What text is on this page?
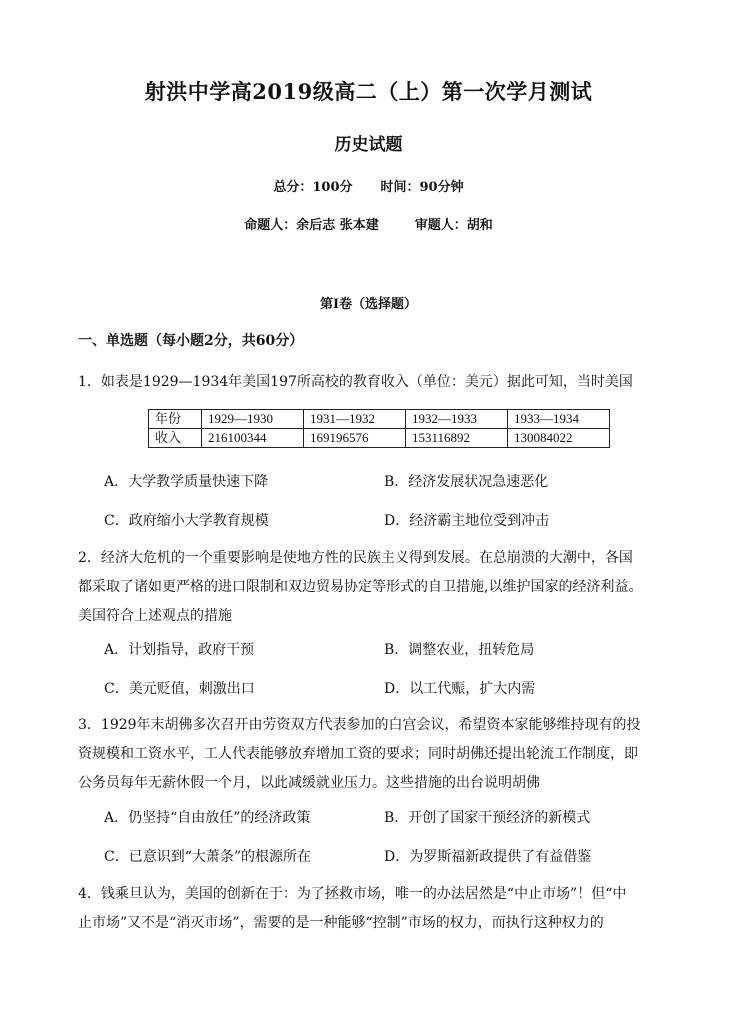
射洪中学高2019级高二（上）第一次学月测试
历史试题
总分：100分 时间：90分钟
命题人：余后志 张本建	审题人：胡和
第Ⅰ卷（选择题）
一、单选题（每小题2分，共60分）
1．如表是1929—1934年美国197所高校的教育收入（单位：美元）据此可知，当时美国
年份	1929—1930	1931—1932	1932—1933	1933—1934
收入	216100344	169196576	153116892	130084022
A．大学教学质量快速下降	B．经济发展状况急速恶化
C．政府缩小大学教育规模	D．经济霸主地位受到冲击
2．经济大危机的一个重要影响是使地方性的民族主义得到发展。在总崩溃的大潮中，各国
都采取了诸如更严格的进口限制和双边贸易协定等形式的自卫措施,以维护国家的经济利益。
美国符合上述观点的措施
A．计划指导，政府干预	B．调整农业，扭转危局
C．美元贬值，刺激出口	D．以工代赈，扩大内需
3．1929年末胡佛多次召开由劳资双方代表参加的白宫会议，希望资本家能够维持现有的投
资规模和工资水平，工人代表能够放弃增加工资的要求；同时胡佛还提出轮流工作制度，即
公务员每年无薪休假一个月，以此减缓就业压力。这些措施的出台说明胡佛
A．仍坚持“自由放任”的经济政策	B．开创了国家干预经济的新模式
C．已意识到“大萧条”的根源所在	D．为罗斯福新政提供了有益借鉴
4．钱乘旦认为，美国的创新在于：为了拯救市场，唯一的办法居然是“中止市场”！但“中
止市场”又不是“消灭市场”，需要的是一种能够“控制”市场的权力，而执行这种权力的
